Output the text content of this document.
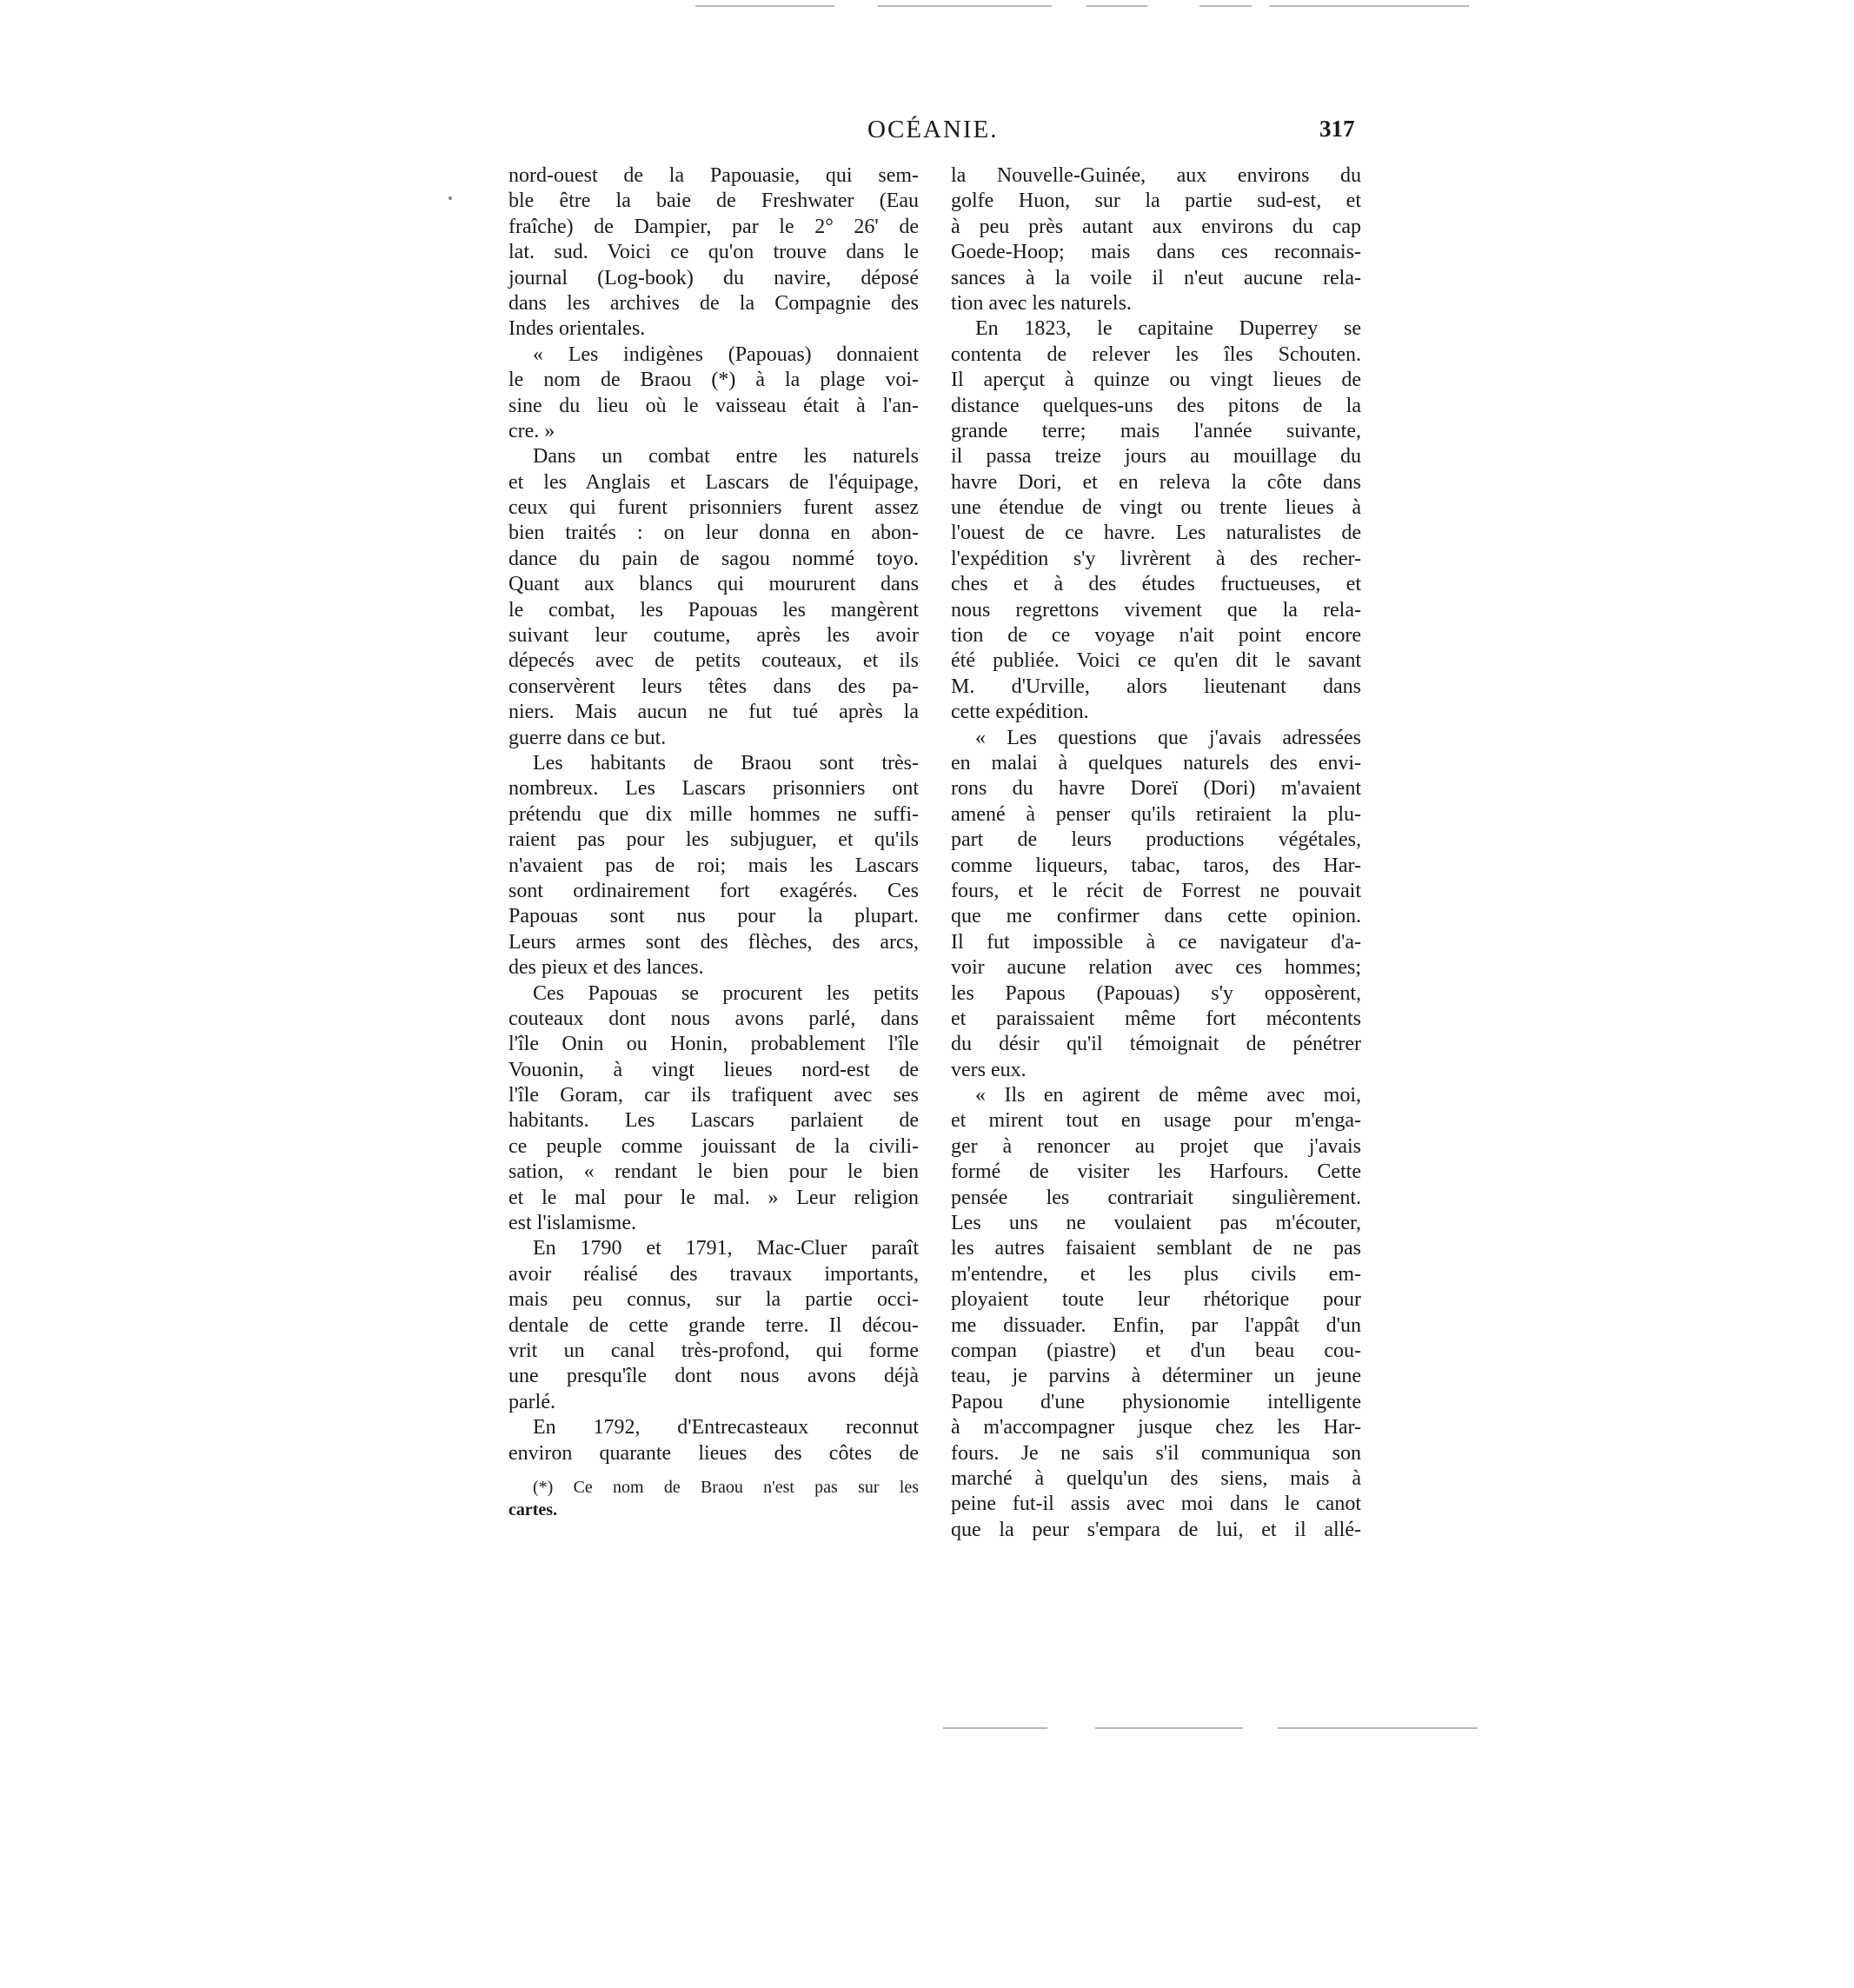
OCÉANIE.	317
nord-ouest de la Papouasie, qui sem-
ble être la baie de Freshwater (Eau
fraîche) de Dampier, par le 2° 26' de
lat. sud. Voici ce qu'on trouve dans le
journal (Log-book) du navire, déposé
dans les archives de la Compagnie des
Indes orientales.
« Les indigènes (Papouas) donnaient
le nom de Braou (*) à la plage voi-
sine du lieu où le vaisseau était à l'an-
cre. »
Dans un combat entre les naturels
et les Anglais et Lascars de l'équipage,
ceux qui furent prisonniers furent assez
bien traités : on leur donna en abon-
dance du pain de sagou nommé toyo.
Quant aux blancs qui moururent dans
le combat, les Papouas les mangèrent
suivant leur coutume, après les avoir
dépecés avec de petits couteaux, et ils
conservèrent leurs têtes dans des pa-
niers. Mais aucun ne fut tué après la
guerre dans ce but.
Les habitants de Braou sont très-
nombreux. Les Lascars prisonniers ont
prétendu que dix mille hommes ne suffi-
raient pas pour les subjuguer, et qu'ils
n'avaient pas de roi; mais les Lascars
sont ordinairement fort exagérés. Ces
Papouas sont nus pour la plupart.
Leurs armes sont des flèches, des arcs,
des pieux et des lances.
Ces Papouas se procurent les petits
couteaux dont nous avons parlé, dans
l'île Onin ou Honin, probablement l'île
Vouonin, à vingt lieues nord-est de
l'île Goram, car ils trafiquent avec ses
habitants. Les Lascars parlaient de
ce peuple comme jouissant de la civili-
sation, « rendant le bien pour le bien
et le mal pour le mal. » Leur religion
est l'islamisme.
En 1790 et 1791, Mac-Cluer paraît
avoir réalisé des travaux importants,
mais peu connus, sur la partie occi-
dentale de cette grande terre. Il décou-
vrit un canal très-profond, qui forme
une presqu'île dont nous avons déjà
parlé.
En 1792, d'Entrecasteaux reconnut
environ quarante lieues des côtes de
(*) Ce nom de Braou n'est pas sur les
cartes.
la Nouvelle-Guinée, aux environs du
golfe Huon, sur la partie sud-est, et
à peu près autant aux environs du cap
Goede-Hoop; mais dans ces reconnais-
sances à la voile il n'eut aucune rela-
tion avec les naturels.
En 1823, le capitaine Duperrey se
contenta de relever les îles Schouten.
Il aperçut à quinze ou vingt lieues de
distance quelques-uns des pitons de la
grande terre; mais l'année suivante,
il passa treize jours au mouillage du
havre Dori, et en releva la côte dans
une étendue de vingt ou trente lieues à
l'ouest de ce havre. Les naturalistes de
l'expédition s'y livrèrent à des recher-
ches et à des études fructueuses, et
nous regrettons vivement que la rela-
tion de ce voyage n'ait point encore
été publiée. Voici ce qu'en dit le savant
M. d'Urville, alors lieutenant dans
cette expédition.
« Les questions que j'avais adressées
en malai à quelques naturels des envi-
rons du havre Doreï (Dori) m'avaient
amené à penser qu'ils retiraient la plu-
part de leurs productions végétales,
comme liqueurs, tabac, taros, des Har-
fours, et le récit de Forrest ne pouvait
que me confirmer dans cette opinion.
Il fut impossible à ce navigateur d'a-
voir aucune relation avec ces hommes;
les Papous (Papouas) s'y opposèrent,
et paraissaient même fort mécontents
du désir qu'il témoignait de pénétrer
vers eux.
« Ils en agirent de même avec moi,
et mirent tout en usage pour m'enga-
ger à renoncer au projet que j'avais
formé de visiter les Harfours. Cette
pensée les contrariait singulièrement.
Les uns ne voulaient pas m'écouter,
les autres faisaient semblant de ne pas
m'entendre, et les plus civils em-
ployaient toute leur rhétorique pour
me dissuader. Enfin, par l'appât d'un
compan (piastre) et d'un beau cou-
teau, je parvins à déterminer un jeune
Papou d'une physionomie intelligente
à m'accompagner jusque chez les Har-
fours. Je ne sais s'il communiqua son
marché à quelqu'un des siens, mais à
peine fut-il assis avec moi dans le canot
que la peur s'empara de lui, et il allé-
